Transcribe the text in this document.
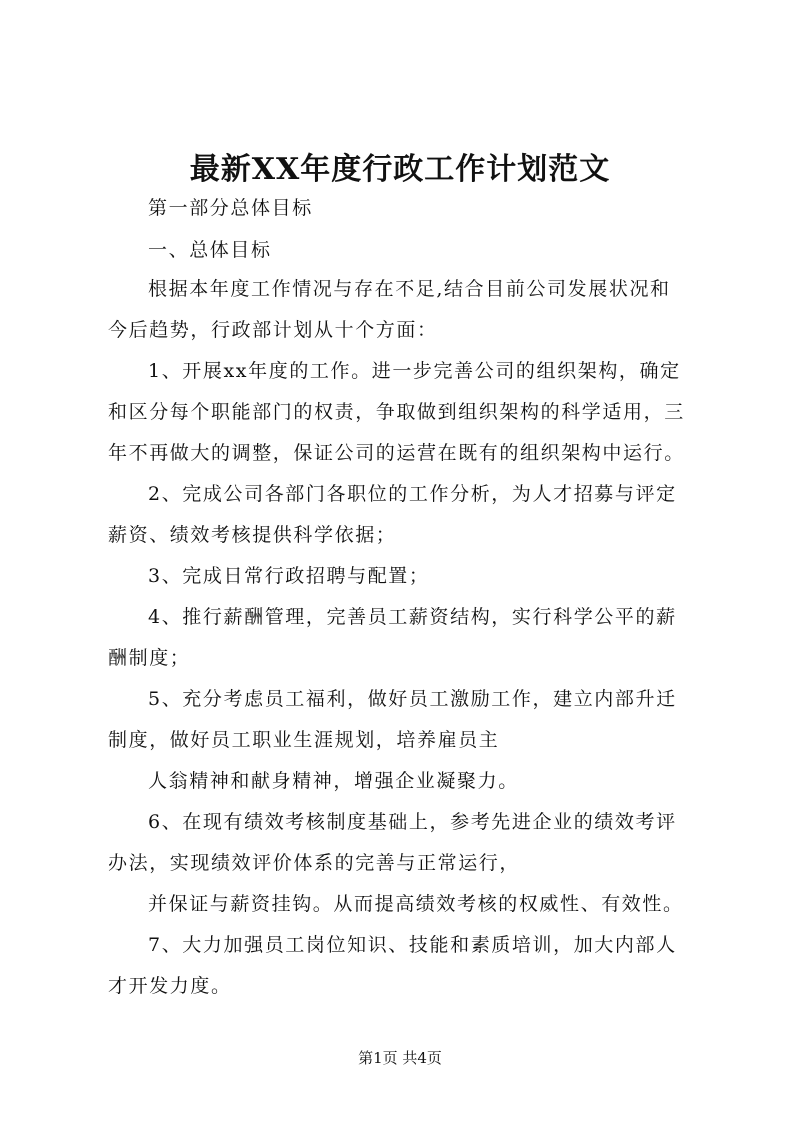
最新XX年度行政工作计划范文
第一部分总体目标
一、总体目标
根据本年度工作情况与存在不足,结合目前公司发展状况和
今后趋势，行政部计划从十个方面：
1、开展xx年度的工作。进一步完善公司的组织架构，确定
和区分每个职能部门的权责，争取做到组织架构的科学适用，三
年不再做大的调整，保证公司的运营在既有的组织架构中运行。
2、完成公司各部门各职位的工作分析，为人才招募与评定
薪资、绩效考核提供科学依据；
3、完成日常行政招聘与配置；
4、推行薪酬管理，完善员工薪资结构，实行科学公平的薪
酬制度；
5、充分考虑员工福利，做好员工激励工作，建立内部升迁
制度，做好员工职业生涯规划，培养雇员主
人翁精神和献身精神，增强企业凝聚力。
6、在现有绩效考核制度基础上，参考先进企业的绩效考评
办法，实现绩效评价体系的完善与正常运行，
并保证与薪资挂钩。从而提高绩效考核的权威性、有效性。
7、大力加强员工岗位知识、技能和素质培训，加大内部人
才开发力度。
第1页 共4页
